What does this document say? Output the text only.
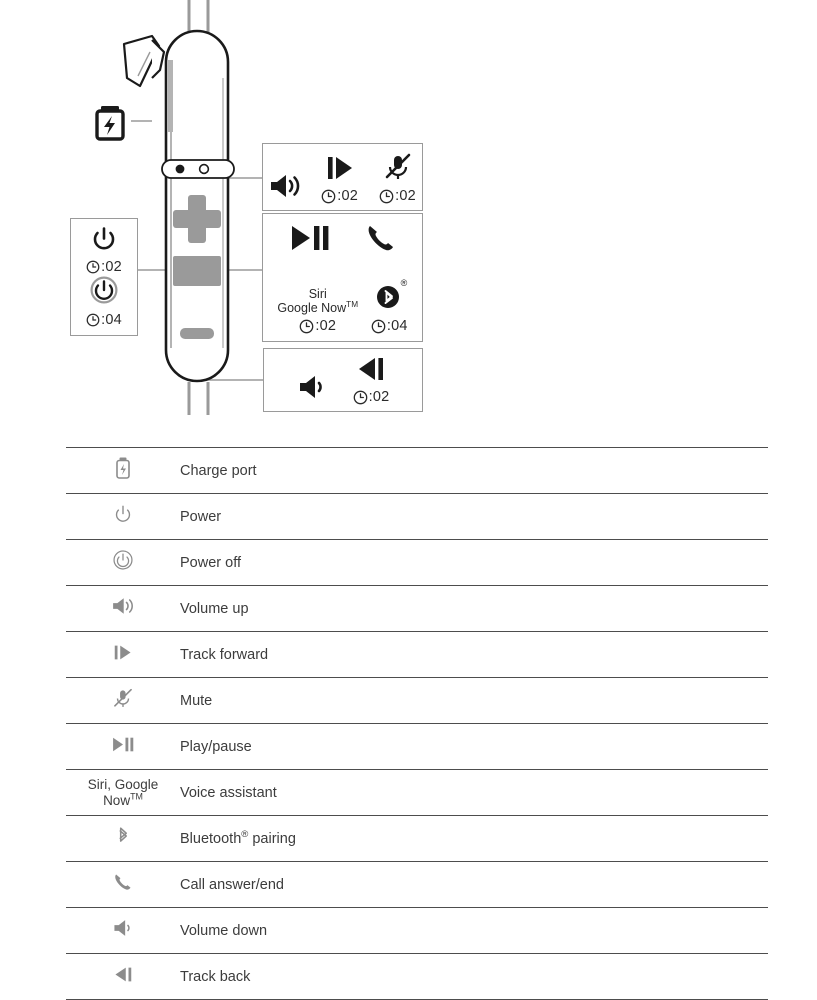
:02	:02
Siri
Google Now™
:02
®
:04
:02
:02
:04
	Charge port
	Power
	Power off
	Volume up
	Track forward
	Mute
	Play/pause

Siri, Google
Now™	Voice assistant
	Bluetooth® pairing
	Call answer/end
	Volume down
	Track back
